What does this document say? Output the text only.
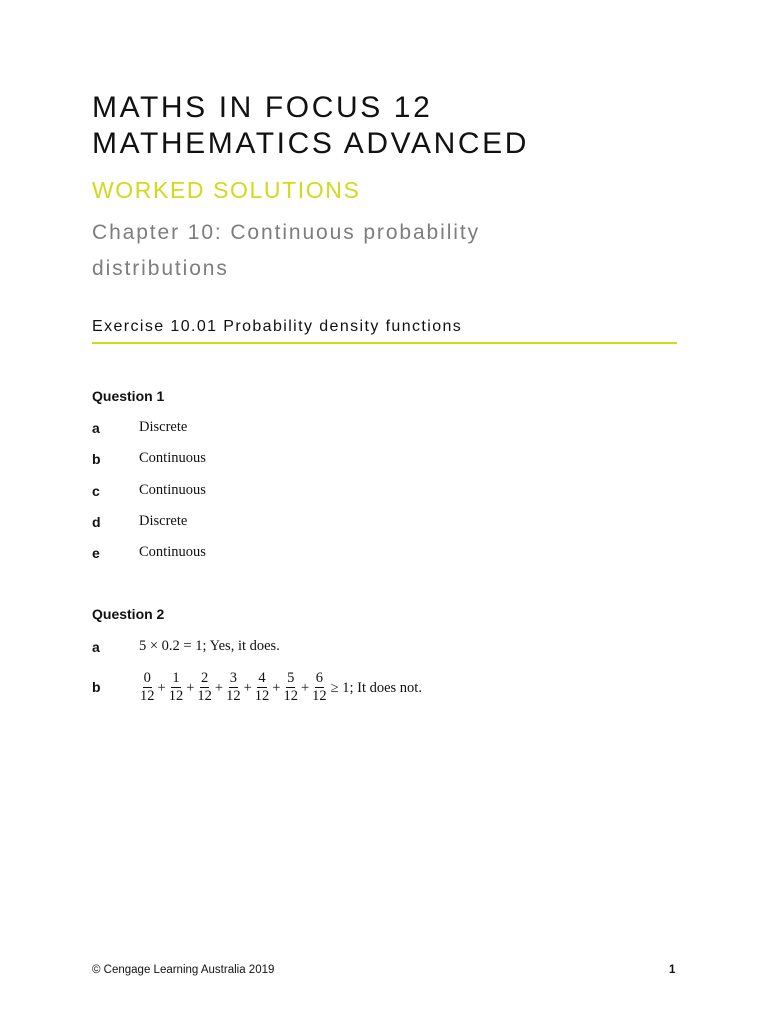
MATHS IN FOCUS 12
MATHEMATICS ADVANCED
WORKED SOLUTIONS
Chapter 10: Continuous probability
distributions
Exercise 10.01 Probability density functions
Question 1
a	Discrete
b	Continuous
c	Continuous
d	Discrete
e	Continuous
Question 2
a	5 × 0.2 = 1; Yes, it does.
b	$\frac{0}{12} + \frac{1}{12} + \frac{2}{12} + \frac{3}{12} + \frac{4}{12} + \frac{5}{12} + \frac{6}{12} \ge 1$; It does not.
© Cengage Learning Australia 2019	1
